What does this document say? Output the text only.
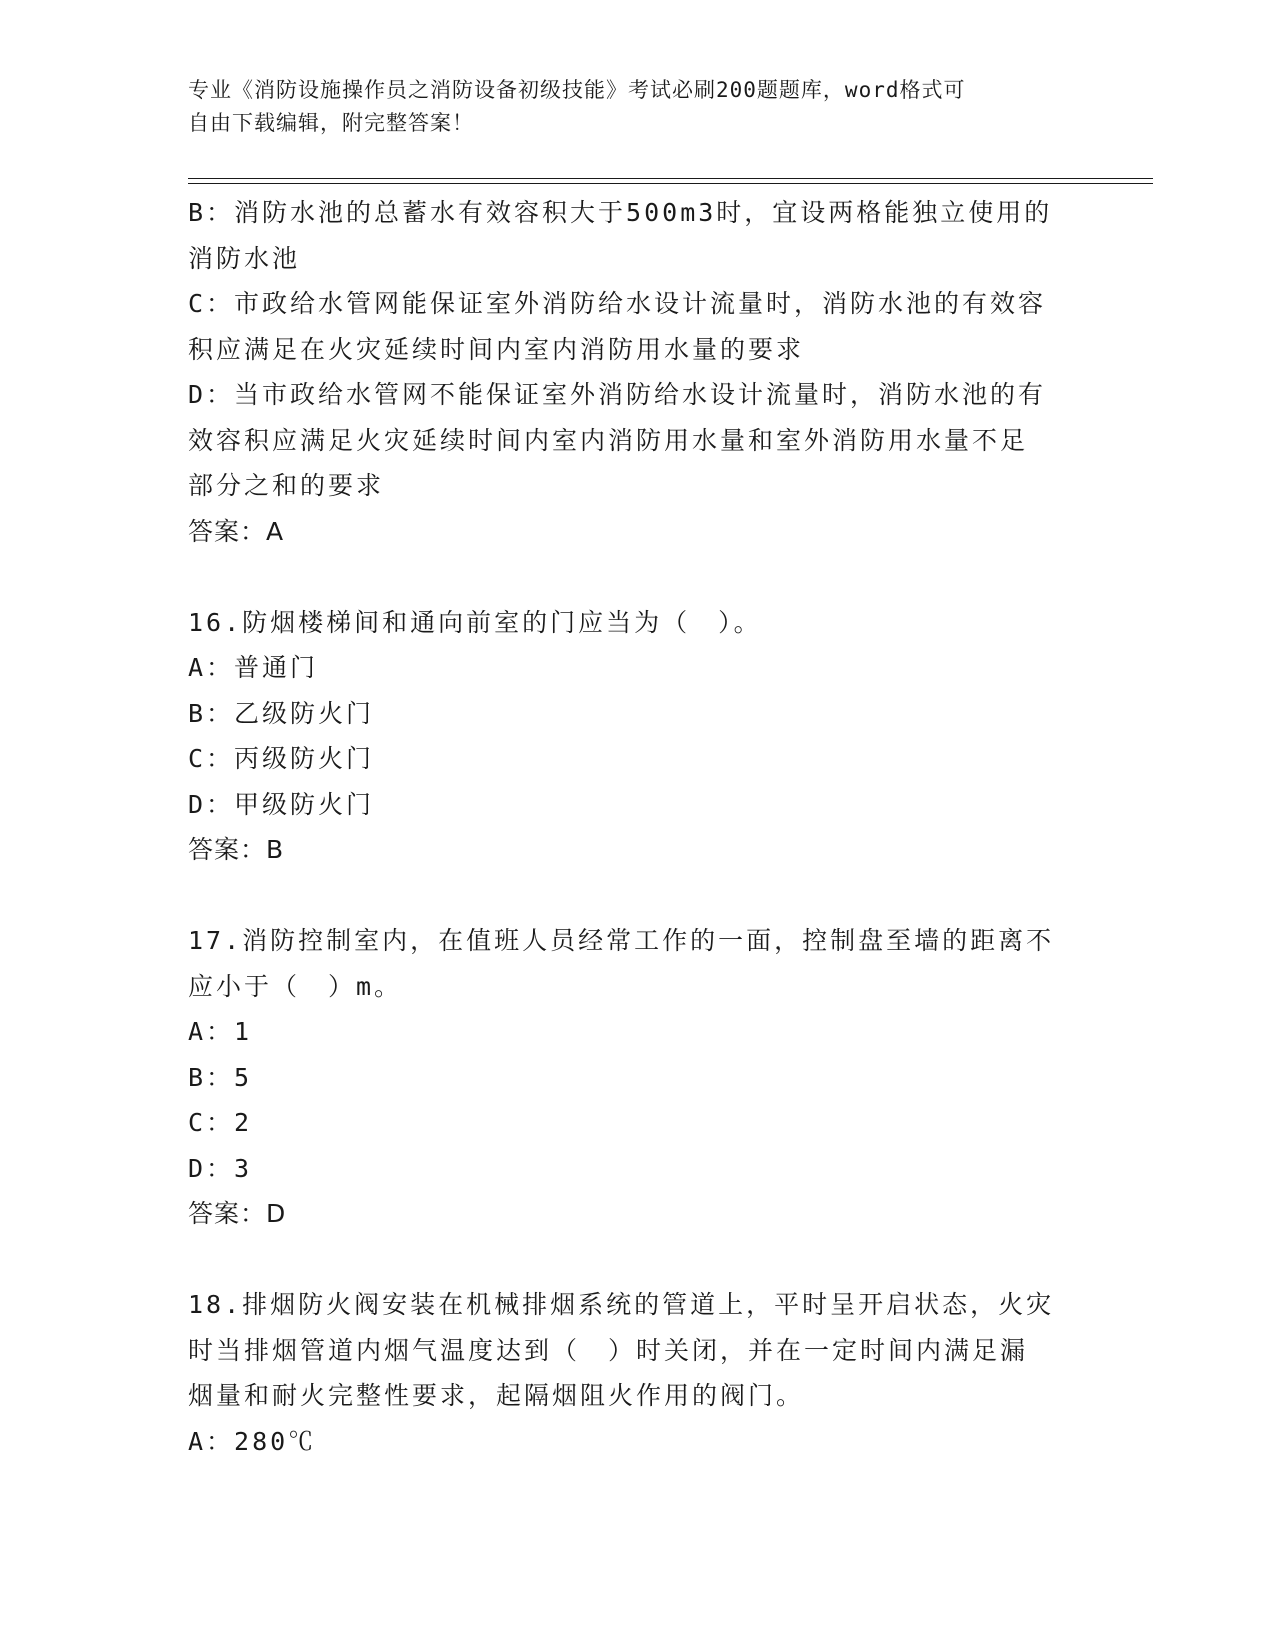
专业《消防设施操作员之消防设备初级技能》考试必刷200题题库，word格式可
自由下载编辑，附完整答案！
B：消防水池的总蓄水有效容积大于500m3时，宜设两格能独立使用的
消防水池
C：市政给水管网能保证室外消防给水设计流量时，消防水池的有效容
积应满足在火灾延续时间内室内消防用水量的要求
D：当市政给水管网不能保证室外消防给水设计流量时，消防水池的有
效容积应满足火灾延续时间内室内消防用水量和室外消防用水量不足
部分之和的要求
答案：A
16.防烟楼梯间和通向前室的门应当为（　）。
A：普通门
B：乙级防火门
C：丙级防火门
D：甲级防火门
答案：B
17.消防控制室内，在值班人员经常工作的一面，控制盘至墙的距离不
应小于（　）m。
A：1
B：5
C：2
D：3
答案：D
18.排烟防火阀安装在机械排烟系统的管道上，平时呈开启状态，火灾
时当排烟管道内烟气温度达到（　）时关闭，并在一定时间内满足漏
烟量和耐火完整性要求，起隔烟阻火作用的阀门。
A：280℃
